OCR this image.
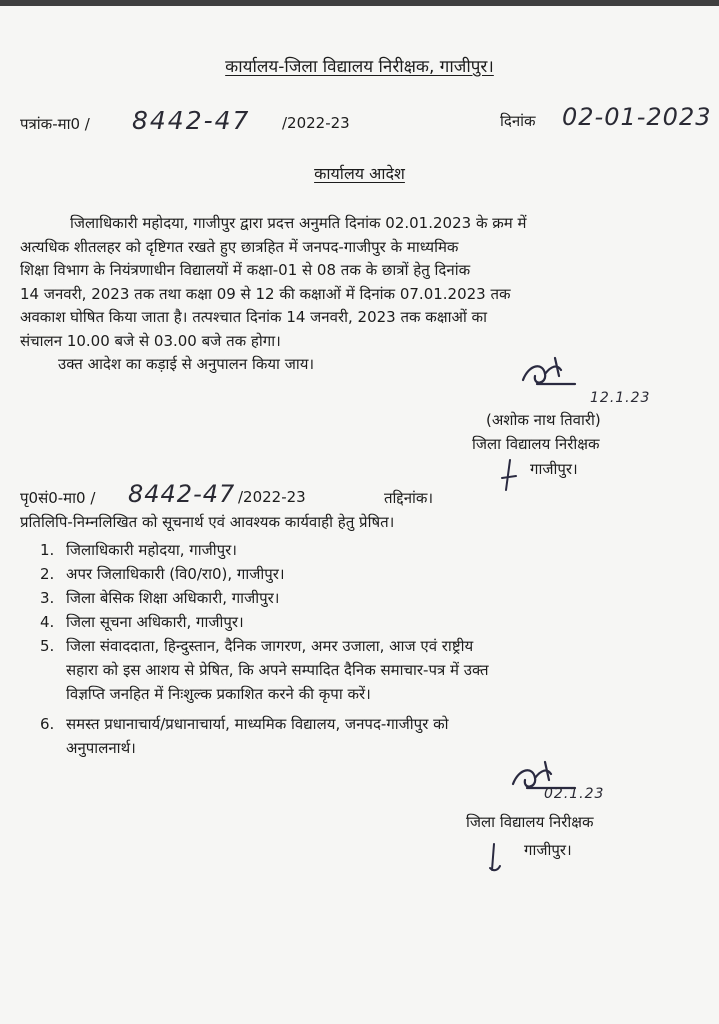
कार्यालय-जिला विद्यालय निरीक्षक, गाजीपुर।
पत्रांक-मा0 / 8442-47 /2022-23	दिनांक 02-01-2023
कार्यालय आदेश
जिलाधिकारी महोदया, गाजीपुर द्वारा प्रदत्त अनुमति दिनांक 02.01.2023 के क्रम में
अत्यधिक शीतलहर को दृष्टिगत रखते हुए छात्रहित में जनपद-गाजीपुर के माध्यमिक
शिक्षा विभाग के नियंत्रणाधीन विद्यालयों में कक्षा-01 से 08 तक के छात्रों हेतु दिनांक
14 जनवरी, 2023 तक तथा कक्षा 09 से 12 की कक्षाओं में दिनांक 07.01.2023 तक
अवकाश घोषित किया जाता है। तत्पश्चात दिनांक 14 जनवरी, 2023 तक कक्षाओं का
संचालन 10.00 बजे से 03.00 बजे तक होगा।
उक्त आदेश का कड़ाई से अनुपालन किया जाय।
12.1.23
(अशोक नाथ तिवारी)
जिला विद्यालय निरीक्षक
गाजीपुर।
पृ0सं0-मा0 / 8442-47 /2022-23	तद्दिनांक।
प्रतिलिपि-निम्नलिखित को सूचनार्थ एवं आवश्यक कार्यवाही हेतु प्रेषित।
1. जिलाधिकारी महोदया, गाजीपुर।
2. अपर जिलाधिकारी (वि0/रा0), गाजीपुर।
3. जिला बेसिक शिक्षा अधिकारी, गाजीपुर।
4. जिला सूचना अधिकारी, गाजीपुर।
5. जिला संवाददाता, हिन्दुस्तान, दैनिक जागरण, अमर उजाला, आज एवं राष्ट्रीय
सहारा को इस आशय से प्रेषित, कि अपने सम्पादित दैनिक समाचार-पत्र में उक्त
विज्ञप्ति जनहित में निःशुल्क प्रकाशित करने की कृपा करें।
6. समस्त प्रधानाचार्य/प्रधानाचार्या, माध्यमिक विद्यालय, जनपद-गाजीपुर को
अनुपालनार्थ।
02.1.23
जिला विद्यालय निरीक्षक
गाजीपुर।
